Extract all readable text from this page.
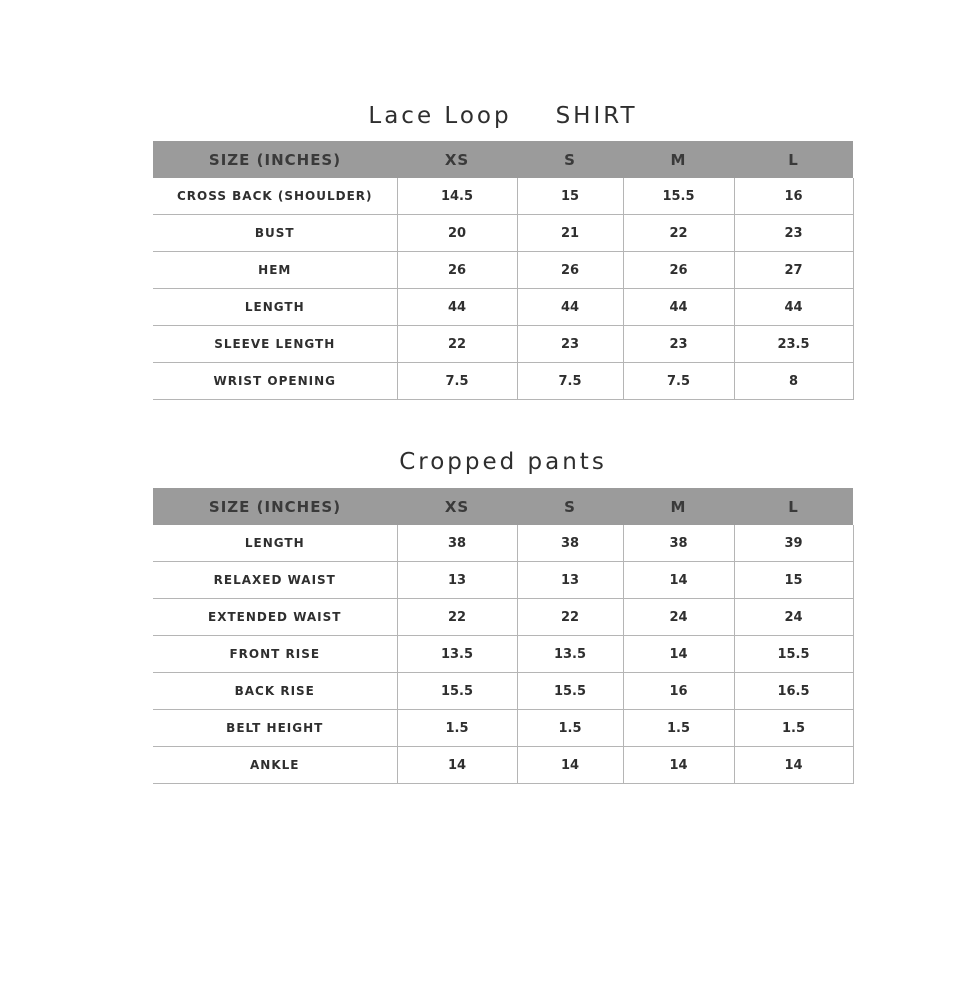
Lace Loop SHIRT
SIZE (INCHES)	XS	S	M	L
CROSS BACK (SHOULDER)	14.5	15	15.5	16
BUST	20	21	22	23
HEM	26	26	26	27
LENGTH	44	44	44	44
SLEEVE LENGTH	22	23	23	23.5
WRIST OPENING	7.5	7.5	7.5	8
Cropped pants
SIZE (INCHES)	XS	S	M	L
LENGTH	38	38	38	39
RELAXED WAIST	13	13	14	15
EXTENDED WAIST	22	22	24	24
FRONT RISE	13.5	13.5	14	15.5
BACK RISE	15.5	15.5	16	16.5
BELT HEIGHT	1.5	1.5	1.5	1.5
ANKLE	14	14	14	14
